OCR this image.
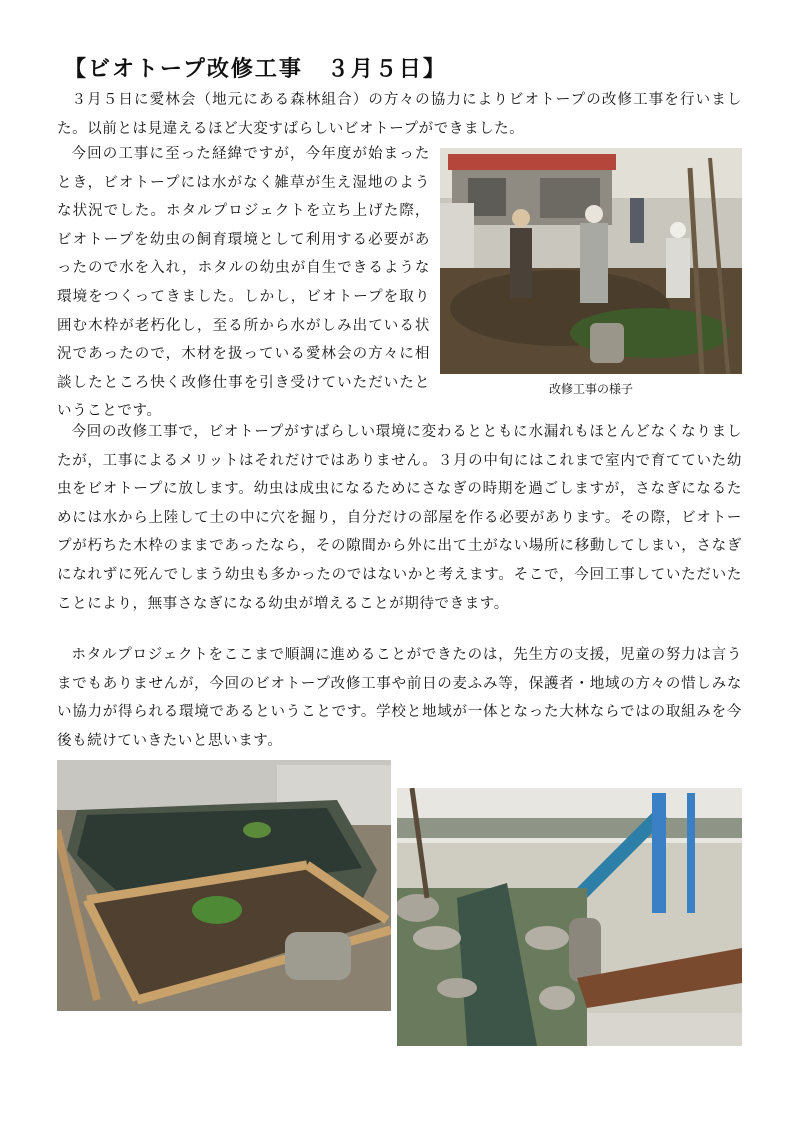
【ビオトープ改修工事　３月５日】

３月５日に愛林会（地元にある森林組合）の方々の協力によりビオトープの改修工事を行いました。以前とは見違えるほど大変すばらしいビオトープができました。

改修工事の様子
今回の工事に至った経緯ですが，今年度が始まったとき，ビオトープには水がなく雑草が生え湿地のような状況でした。ホタルプロジェクトを立ち上げた際，ビオトープを幼虫の飼育環境として利用する必要があったので水を入れ，ホタルの幼虫が自生できるような環境をつくってきました。しかし，ビオトープを取り囲む木枠が老朽化し，至る所から水がしみ出ている状況であったので，木材を扱っている愛林会の方々に相談したところ快く改修仕事を引き受けていただいたということです。

今回の改修工事で，ビオトープがすばらしい環境に変わるとともに水漏れもほとんどなくなりましたが，工事によるメリットはそれだけではありません。３月の中旬にはこれまで室内で育てていた幼虫をビオトープに放します。幼虫は成虫になるためにさなぎの時期を過ごしますが，さなぎになるためには水から上陸して土の中に穴を掘り，自分だけの部屋を作る必要があります。その際，ビオトープが朽ちた木枠のままであったなら，その隙間から外に出て土がない場所に移動してしまい，さなぎになれずに死んでしまう幼虫も多かったのではないかと考えます。そこで，今回工事していただいたことにより，無事さなぎになる幼虫が増えることが期待できます。

ホタルプロジェクトをここまで順調に進めることができたのは，先生方の支援，児童の努力は言うまでもありませんが，今回のビオトープ改修工事や前日の麦ふみ等，保護者・地域の方々の惜しみない協力が得られる環境であるということです。学校と地域が一体となった大林ならではの取組みを今後も続けていきたいと思います。
